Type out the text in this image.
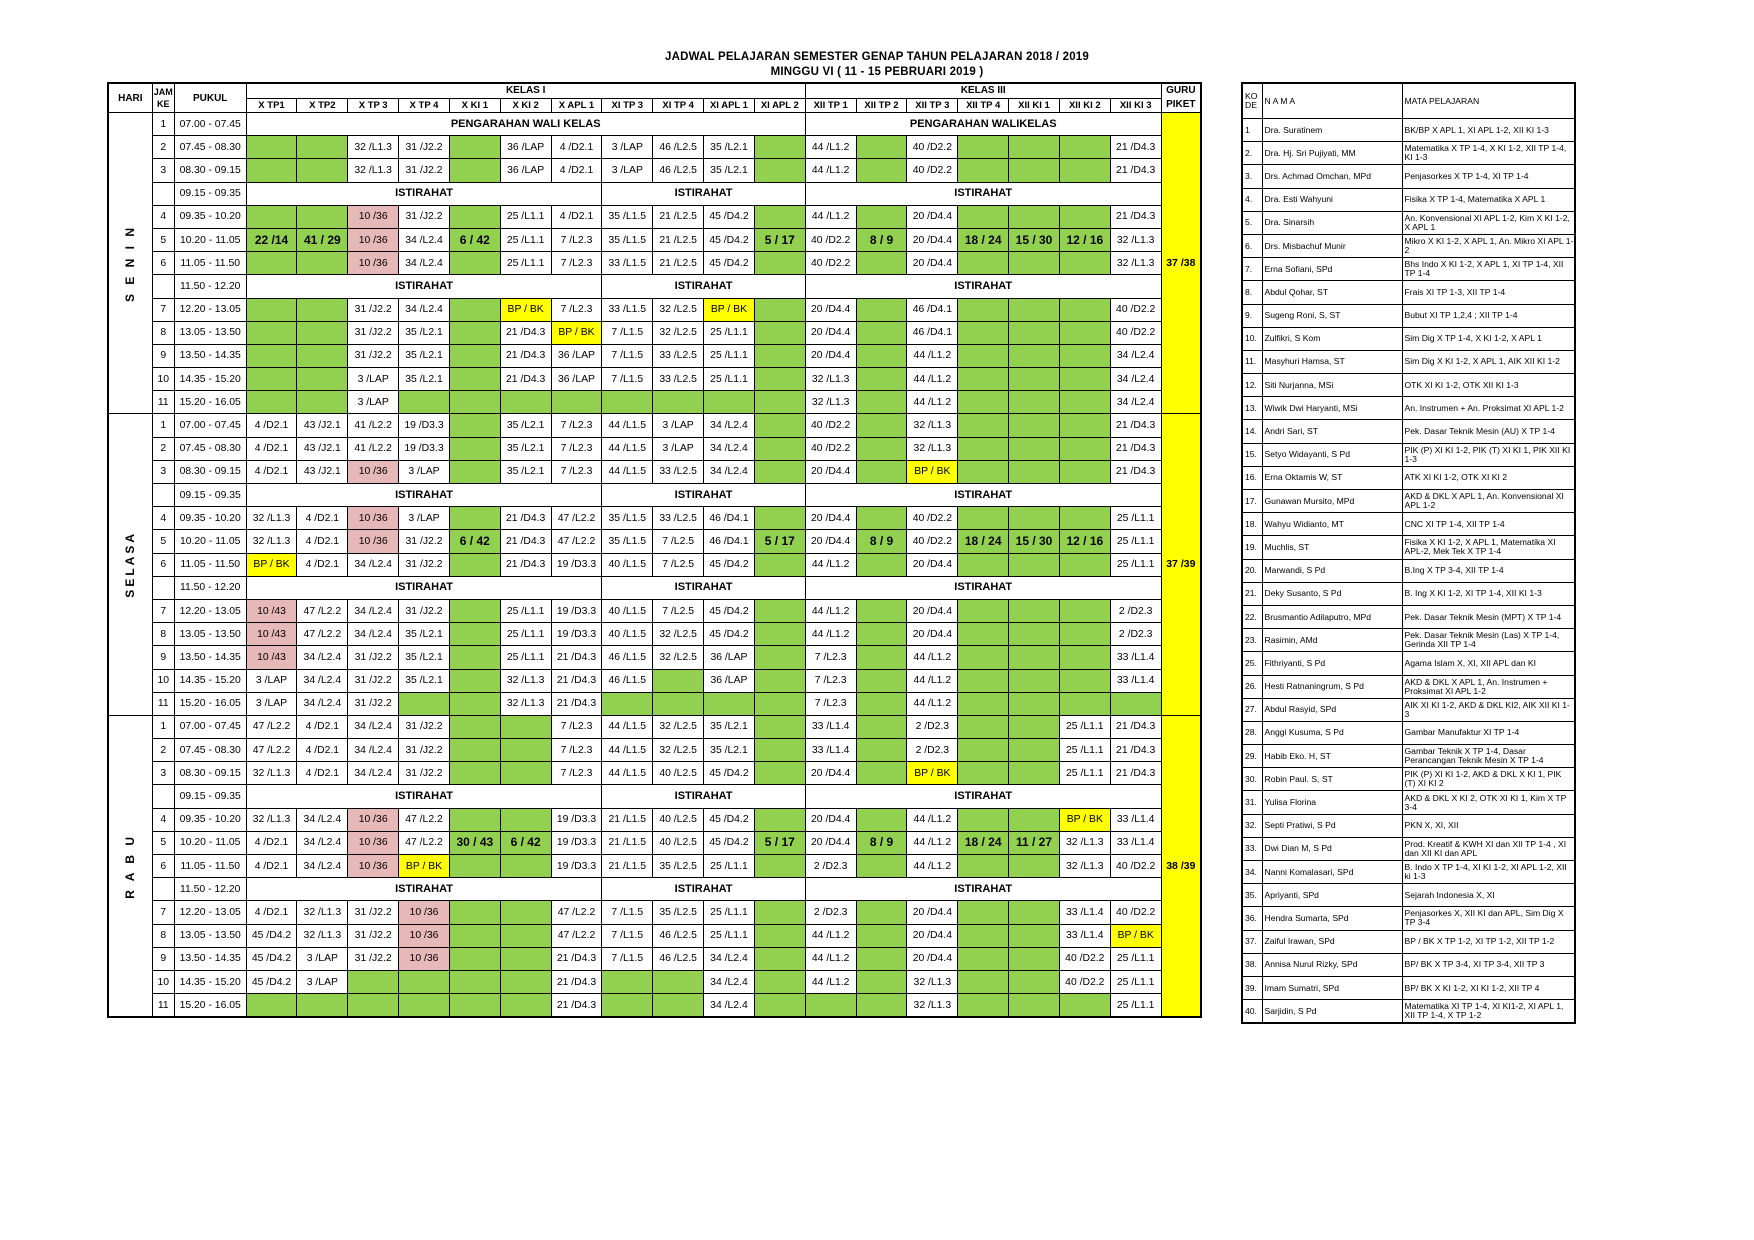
JADWAL PELAJARAN SEMESTER GENAP TAHUN PELAJARAN 2018 / 2019
MINGGU VI ( 11 - 15 PEBRUARI 2019 )
HARI	JAM KE	PUKUL	KELAS I											KELAS III							GURU PIKET
			X TP1	X TP2	X TP 3	X TP 4	X KI 1	X KI 2	X APL 1	XI TP 3	XI TP 4	XI APL 1	XI APL 2	XII TP 1	XII TP 2	XII TP 3	XII TP 4	XII KI 1	XII KI 2	XII KI 3	

S E N I N	1	07.00 - 07.45	PENGARAHAN WALI KELAS											PENGARAHAN WALIKELAS							37 /38
	2	07.45 - 08.30			32 /L1.3	31 /J2.2		36 /LAP	4 /D2.1	3 /LAP	46 /L2.5	35 /L2.1		44 /L1.2		40 /D2.2				21 /D4.3	
	3	08.30 - 09.15			32 /L1.3	31 /J2.2		36 /LAP	4 /D2.1	3 /LAP	46 /L2.5	35 /L2.1		44 /L1.2		40 /D2.2				21 /D4.3	
		09.15 - 09.35	ISTIRAHAT							ISTIRAHAT				ISTIRAHAT							
	4	09.35 - 10.20			10 /36	31 /J2.2		25 /L1.1	4 /D2.1	35 /L1.5	21 /L2.5	45 /D4.2		44 /L1.2		20 /D4.4				21 /D4.3	
	5	10.20 - 11.05	22 /14	41 / 29	10 /36	34 /L2.4	6 / 42	25 /L1.1	7 /L2.3	35 /L1.5	21 /L2.5	45 /D4.2	5 / 17	40 /D2.2	8 / 9	20 /D4.4	18 / 24	15 / 30	12 / 16	32 /L1.3	
	6	11.05 - 11.50			10 /36	34 /L2.4		25 /L1.1	7 /L2.3	33 /L1.5	21 /L2.5	45 /D4.2		40 /D2.2		20 /D4.4				32 /L1.3	
		11.50 - 12.20	ISTIRAHAT							ISTIRAHAT				ISTIRAHAT							
	7	12.20 - 13.05			31 /J2.2	34 /L2.4		BP / BK	7 /L2.3	33 /L1.5	32 /L2.5	BP / BK		20 /D4.4		46 /D4.1				40 /D2.2	
	8	13.05 - 13.50			31 /J2.2	35 /L2.1		21 /D4.3	BP / BK	7 /L1.5	32 /L2.5	25 /L1.1		20 /D4.4		46 /D4.1				40 /D2.2	
	9	13.50 - 14.35			31 /J2.2	35 /L2.1		21 /D4.3	36 /LAP	7 /L1.5	33 /L2.5	25 /L1.1		20 /D4.4		44 /L1.2				34 /L2.4	
	10	14.35 - 15.20			3 /LAP	35 /L2.1		21 /D4.3	36 /LAP	7 /L1.5	33 /L2.5	25 /L1.1		32 /L1.3		44 /L1.2				34 /L2.4	
	11	15.20 - 16.05			3 /LAP									32 /L1.3		44 /L1.2				34 /L2.4	

SELASA	1	07.00 - 07.45	4 /D2.1	43 /J2.1	41 /L2.2	19 /D3.3		35 /L2.1	7 /L2.3	44 /L1.5	3 /LAP	34 /L2.4		40 /D2.2		32 /L1.3				21 /D4.3	37 /39
	2	07.45 - 08.30	4 /D2.1	43 /J2.1	41 /L2.2	19 /D3.3		35 /L2.1	7 /L2.3	44 /L1.5	3 /LAP	34 /L2.4		40 /D2.2		32 /L1.3				21 /D4.3	
	3	08.30 - 09.15	4 /D2.1	43 /J2.1	10 /36	3 /LAP		35 /L2.1	7 /L2.3	44 /L1.5	33 /L2.5	34 /L2.4		20 /D4.4		BP / BK				21 /D4.3	
		09.15 - 09.35	ISTIRAHAT							ISTIRAHAT				ISTIRAHAT							
	4	09.35 - 10.20	32 /L1.3	4 /D2.1	10 /36	3 /LAP		21 /D4.3	47 /L2.2	35 /L1.5	33 /L2.5	46 /D4.1		20 /D4.4		40 /D2.2				25 /L1.1	
	5	10.20 - 11.05	32 /L1.3	4 /D2.1	10 /36	31 /J2.2	6 / 42	21 /D4.3	47 /L2.2	35 /L1.5	7 /L2.5	46 /D4.1	5 / 17	20 /D4.4	8 / 9	40 /D2.2	18 / 24	15 / 30	12 / 16	25 /L1.1	
	6	11.05 - 11.50	BP / BK	4 /D2.1	34 /L2.4	31 /J2.2		21 /D4.3	19 /D3.3	40 /L1.5	7 /L2.5	45 /D4.2		44 /L1.2		20 /D4.4				25 /L1.1	
		11.50 - 12.20	ISTIRAHAT							ISTIRAHAT				ISTIRAHAT							
	7	12.20 - 13.05	10 /43	47 /L2.2	34 /L2.4	31 /J2.2		25 /L1.1	19 /D3.3	40 /L1.5	7 /L2.5	45 /D4.2		44 /L1.2		20 /D4.4				2 /D2.3	
	8	13.05 - 13.50	10 /43	47 /L2.2	34 /L2.4	35 /L2.1		25 /L1.1	19 /D3.3	40 /L1.5	32 /L2.5	45 /D4.2		44 /L1.2		20 /D4.4				2 /D2.3	
	9	13.50 - 14.35	10 /43	34 /L2.4	31 /J2.2	35 /L2.1		25 /L1.1	21 /D4.3	46 /L1.5	32 /L2.5	36 /LAP		7 /L2.3		44 /L1.2				33 /L1.4	
	10	14.35 - 15.20	3 /LAP	34 /L2.4	31 /J2.2	35 /L2.1		32 /L1.3	21 /D4.3	46 /L1.5		36 /LAP		7 /L2.3		44 /L1.2				33 /L1.4	
	11	15.20 - 16.05	3 /LAP	34 /L2.4	31 /J2.2			32 /L1.3	21 /D4.3					7 /L2.3		44 /L1.2					

R A B U	1	07.00 - 07.45	47 /L2.2	4 /D2.1	34 /L2.4	31 /J2.2			7 /L2.3	44 /L1.5	32 /L2.5	35 /L2.1		33 /L1.4		2 /D2.3			25 /L1.1	21 /D4.3	38 /39
	2	07.45 - 08.30	47 /L2.2	4 /D2.1	34 /L2.4	31 /J2.2			7 /L2.3	44 /L1.5	32 /L2.5	35 /L2.1		33 /L1.4		2 /D2.3			25 /L1.1	21 /D4.3	
	3	08.30 - 09.15	32 /L1.3	4 /D2.1	34 /L2.4	31 /J2.2			7 /L2.3	44 /L1.5	40 /L2.5	45 /D4.2		20 /D4.4		BP / BK			25 /L1.1	21 /D4.3	
		09.15 - 09.35	ISTIRAHAT							ISTIRAHAT				ISTIRAHAT							
	4	09.35 - 10.20	32 /L1.3	34 /L2.4	10 /36	47 /L2.2			19 /D3.3	21 /L1.5	40 /L2.5	45 /D4.2		20 /D4.4		44 /L1.2			BP / BK	33 /L1.4	
	5	10.20 - 11.05	4 /D2.1	34 /L2.4	10 /36	47 /L2.2	30 / 43	6 / 42	19 /D3.3	21 /L1.5	40 /L2.5	45 /D4.2	5 / 17	20 /D4.4	8 / 9	44 /L1.2	18 / 24	11 / 27	32 /L1.3	33 /L1.4	
	6	11.05 - 11.50	4 /D2.1	34 /L2.4	10 /36	BP / BK			19 /D3.3	21 /L1.5	35 /L2.5	25 /L1.1		2 /D2.3		44 /L1.2			32 /L1.3	40 /D2.2	
		11.50 - 12.20	ISTIRAHAT							ISTIRAHAT				ISTIRAHAT							
	7	12.20 - 13.05	4 /D2.1	32 /L1.3	31 /J2.2	10 /36			47 /L2.2	7 /L1.5	35 /L2.5	25 /L1.1		2 /D2.3		20 /D4.4			33 /L1.4	40 /D2.2	
	8	13.05 - 13.50	45 /D4.2	32 /L1.3	31 /J2.2	10 /36			47 /L2.2	7 /L1.5	46 /L2.5	25 /L1.1		44 /L1.2		20 /D4.4			33 /L1.4	BP / BK	
	9	13.50 - 14.35	45 /D4.2	3 /LAP	31 /J2.2	10 /36			21 /D4.3	7 /L1.5	46 /L2.5	34 /L2.4		44 /L1.2		20 /D4.4			40 /D2.2	25 /L1.1	
	10	14.35 - 15.20	45 /D4.2	3 /LAP					21 /D4.3			34 /L2.4		44 /L1.2		32 /L1.3			40 /D2.2	25 /L1.1	
	11	15.20 - 16.05							21 /D4.3			34 /L2.4				32 /L1.3				25 /L1.1	
KO DE	N A M A	MATA PELAJARAN
1	Dra. Suratinem	BK/BP X APL 1, XI APL 1-2, XII KI 1-3
2.	Dra. Hj. Sri Pujiyati, MM	Matematika X TP 1-4, X KI 1-2, XII TP 1-4, KI 1-3
3.	Drs. Achmad Omchan, MPd	Penjasorkes X TP 1-4, XI TP 1-4
4.	Dra. Esti Wahyuni	Fisika X TP 1-4, Matematika X APL 1
5.	Dra. Sinarsih	An. Konvensional XI APL 1-2, Kim X KI 1-2, X APL 1
6.	Drs. Misbachuf Munir	Mikro X KI 1-2, X APL 1, An. Mikro XI APL 1-2
7.	Erna Sofiani, SPd	Bhs Indo X KI 1-2, X APL 1, XI TP 1-4, XII TP 1-4
8.	Abdul Qohar, ST	Frais XI TP 1-3, XII TP 1-4
9.	Sugeng Roni, S, ST	Bubut XI TP 1,2,4 ; XII TP 1-4
10.	Zulfikri, S Kom	Sim Dig X TP 1-4, X KI 1-2, X APL 1
11.	Masyhuri Hamsa, ST	Sim Dig X KI 1-2, X APL 1, AIK XII KI 1-2
12.	Siti Nurjanna, MSi	OTK XI KI 1-2, OTK XII KI 1-3
13.	Wiwik Dwi Haryanti, MSi	An. Instrumen + An. Proksimat XI APL 1-2
14.	Andri Sari, ST	Pek. Dasar Teknik Mesin (AU) X TP 1-4
15.	Setyo Widayanti, S Pd	PIK (P) XI KI 1-2, PIK (T) XI KI 1, PIK XII KI 1-3
16.	Erna Oktamis W, ST	ATK XI KI 1-2, OTK XI KI 2
17.	Gunawan Mursito, MPd	AKD & DKL X APL 1, An. Konvensional XI APL 1-2
18.	Wahyu Widianto, MT	CNC XI TP 1-4, XII TP 1-4
19.	Muchlis, ST	Fisika X KI 1-2, X APL 1, Matematika XI APL-2, Mek Tek X TP 1-4
20.	Marwandi, S Pd	B.Ing X TP 3-4, XII TP 1-4
21.	Deky Susanto, S Pd	B. Ing X KI 1-2, XI TP 1-4, XII KI 1-3
22.	Brusmantio Adilaputro, MPd	Pek. Dasar Teknik Mesin (MPT) X TP 1-4
23.	Rasimin, AMd	Pek. Dasar Teknik Mesin (Las) X TP 1-4, Gerinda XII TP 1-4
25.	Fithriyanti, S Pd	Agama Islam X, XI, XII APL dan KI
26.	Hesti Ratnaningrum, S Pd	AKD & DKL X APL 1, An. Instrumen + Proksimat XI APL 1-2
27.	Abdul Rasyid, SPd	AIK XI KI 1-2, AKD & DKL KI2, AIK XII KI 1-3
28.	Anggi Kusuma, S Pd	Gambar Manufaktur XI TP 1-4
29.	Habib Eko. H, ST	Gambar Teknik X TP 1-4, Dasar Perancangan Teknik Mesin X TP 1-4
30.	Robin Paul. S, ST	PIK (P) XI KI 1-2, AKD & DKL X KI 1, PIK (T) XI KI 2
31.	Yulisa Florina	AKD & DKL X KI 2, OTK XI KI 1, Kim X TP 3-4
32.	Septi Pratiwi, S Pd	PKN X, XI, XII
33.	Dwi Dian M, S Pd	Prod. Kreatif & KWH XI dan XII TP 1-4 , XI dan XII KI dan APL
34.	Nanni Komalasari, SPd	B. Indo X TP 1-4, XI KI 1-2, XI APL 1-2, XII ki 1-3
35.	Apriyanti, SPd	Sejarah Indonesia X, XI
36.	Hendra Sumarta, SPd	Penjasorkes X, XII KI dan APL, Sim Dig X TP 3-4
37.	Zaiful Irawan, SPd	BP / BK X TP 1-2, XI TP 1-2, XII TP 1-2
38.	Annisa Nurul Rizky, SPd	BP/ BK X TP 3-4, XI TP 3-4, XII TP 3
39.	Imam Sumatri, SPd	BP/ BK X KI 1-2, XI KI 1-2, XII TP 4
40.	Sarjidin, S Pd	Matematika XI TP 1-4, XI KI1-2, XI APL 1, XII TP 1-4, X TP 1-2
